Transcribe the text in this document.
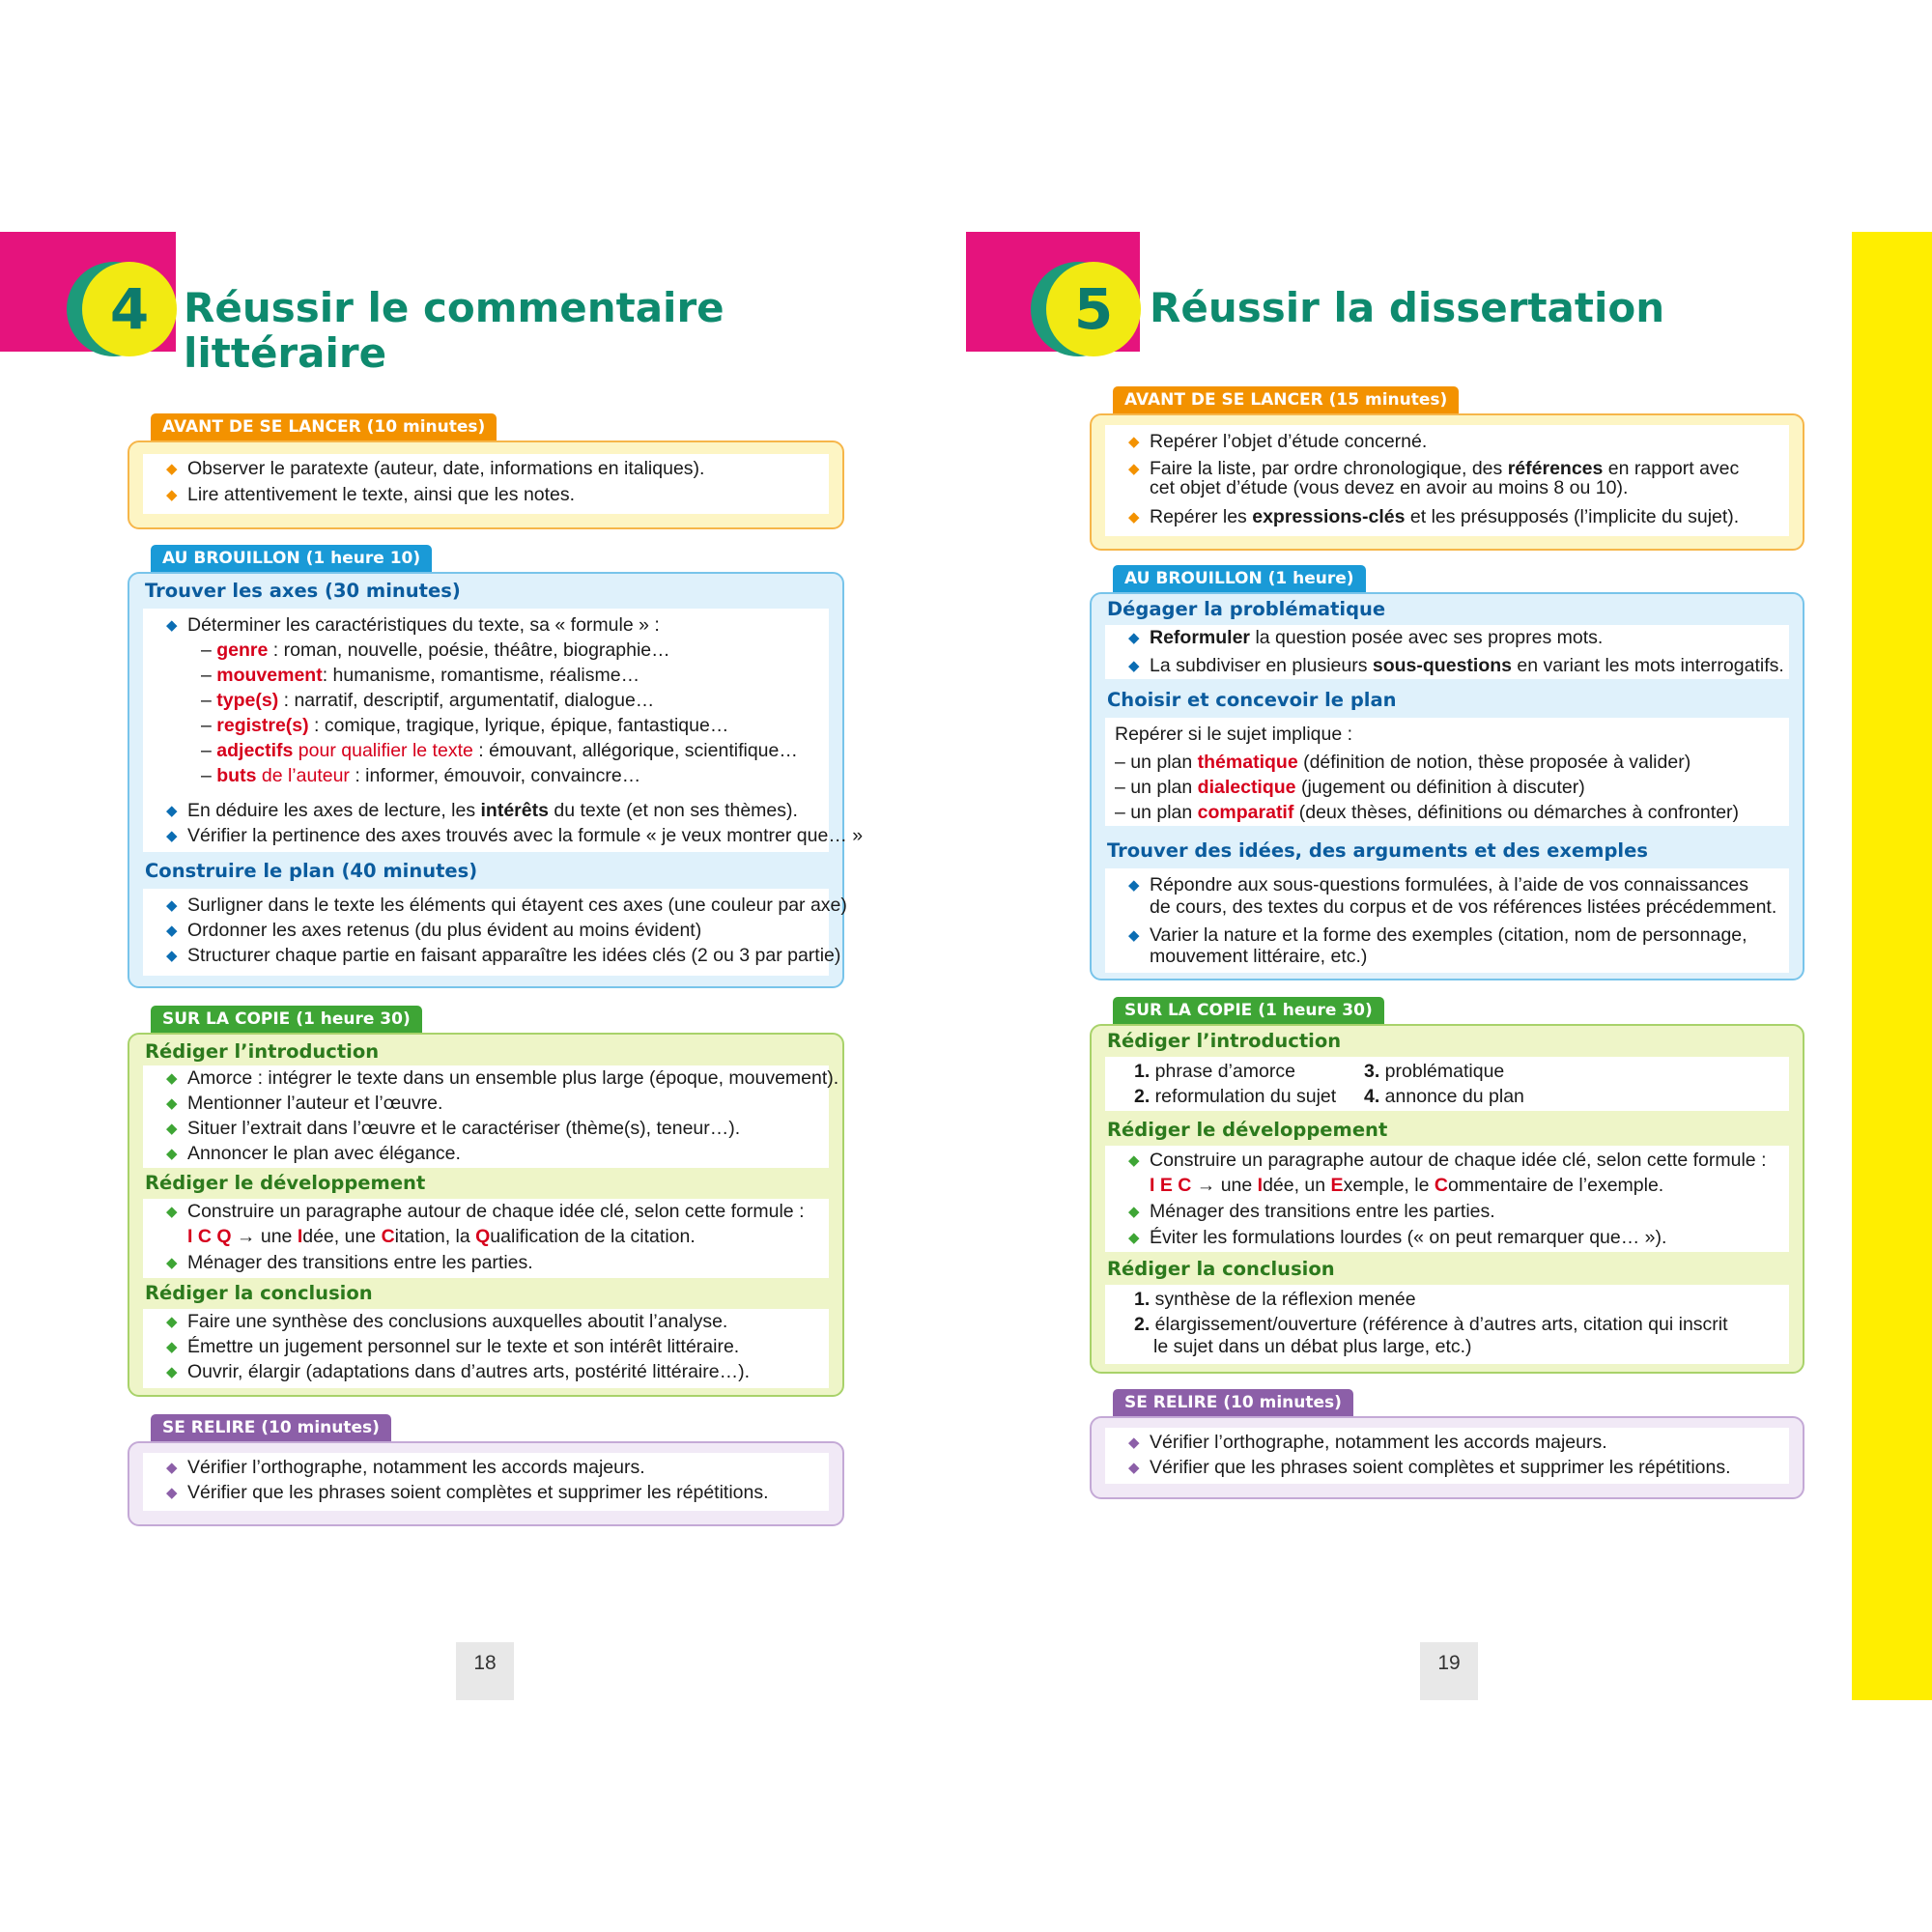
4 Réussir le commentaire
littéraire
AVANT DE SE LANCER (10 minutes)
◆ Observer le paratexte (auteur, date, informations en italiques).
◆ Lire attentivement le texte, ainsi que les notes.
AU BROUILLON (1 heure 10)
Trouver les axes (30 minutes)
◆ Déterminer les caractéristiques du texte, sa « formule » :
– genre : roman, nouvelle, poésie, théâtre, biographie…
– mouvement: humanisme, romantisme, réalisme…
– type(s) : narratif, descriptif, argumentatif, dialogue…
– registre(s) : comique, tragique, lyrique, épique, fantastique…
– adjectifs pour qualifier le texte : émouvant, allégorique, scientifique…
– buts de l’auteur : informer, émouvoir, convaincre…
◆ En déduire les axes de lecture, les intérêts du texte (et non ses thèmes).
◆ Vérifier la pertinence des axes trouvés avec la formule « je veux montrer que… »
Construire le plan (40 minutes)
◆ Surligner dans le texte les éléments qui étayent ces axes (une couleur par axe)
◆ Ordonner les axes retenus (du plus évident au moins évident)
◆ Structurer chaque partie en faisant apparaître les idées clés (2 ou 3 par partie)
SUR LA COPIE (1 heure 30)
Rédiger l’introduction
◆ Amorce : intégrer le texte dans un ensemble plus large (époque, mouvement).
◆ Mentionner l’auteur et l’œuvre.
◆ Situer l’extrait dans l’œuvre et le caractériser (thème(s), teneur…).
◆ Annoncer le plan avec élégance.
Rédiger le développement
◆ Construire un paragraphe autour de chaque idée clé, selon cette formule :
I C Q → une Idée, une Citation, la Qualification de la citation.
◆ Ménager des transitions entre les parties.
Rédiger la conclusion
◆ Faire une synthèse des conclusions auxquelles aboutit l’analyse.
◆ Émettre un jugement personnel sur le texte et son intérêt littéraire.
◆ Ouvrir, élargir (adaptations dans d’autres arts, postérité littéraire…).
SE RELIRE (10 minutes)
◆ Vérifier l’orthographe, notamment les accords majeurs.
◆ Vérifier que les phrases soient complètes et supprimer les répétitions.
18
5 Réussir la dissertation
AVANT DE SE LANCER (15 minutes)
◆ Repérer l’objet d’étude concerné.
◆ Faire la liste, par ordre chronologique, des références en rapport avec
cet objet d’étude (vous devez en avoir au moins 8 ou 10).
◆ Repérer les expressions-clés et les présupposés (l’implicite du sujet).
AU BROUILLON (1 heure)
Dégager la problématique
◆ Reformuler la question posée avec ses propres mots.
◆ La subdiviser en plusieurs sous-questions en variant les mots interrogatifs.
Choisir et concevoir le plan
Repérer si le sujet implique :
– un plan thématique (définition de notion, thèse proposée à valider)
– un plan dialectique (jugement ou définition à discuter)
– un plan comparatif (deux thèses, définitions ou démarches à confronter)
Trouver des idées, des arguments et des exemples
◆ Répondre aux sous-questions formulées, à l’aide de vos connaissances
de cours, des textes du corpus et de vos références listées précédemment.
◆ Varier la nature et la forme des exemples (citation, nom de personnage,
mouvement littéraire, etc.)
SUR LA COPIE (1 heure 30)
Rédiger l’introduction
1. phrase d’amorce
2. reformulation du sujet
3. problématique
4. annonce du plan
Rédiger le développement
◆ Construire un paragraphe autour de chaque idée clé, selon cette formule :
I E C → une Idée, un Exemple, le Commentaire de l’exemple.
◆ Ménager des transitions entre les parties.
◆ Éviter les formulations lourdes (« on peut remarquer que… »).
Rédiger la conclusion
1. synthèse de la réflexion menée
2. élargissement/ouverture (référence à d’autres arts, citation qui inscrit
le sujet dans un débat plus large, etc.)
SE RELIRE (10 minutes)
◆ Vérifier l’orthographe, notamment les accords majeurs.
◆ Vérifier que les phrases soient complètes et supprimer les répétitions.
19
